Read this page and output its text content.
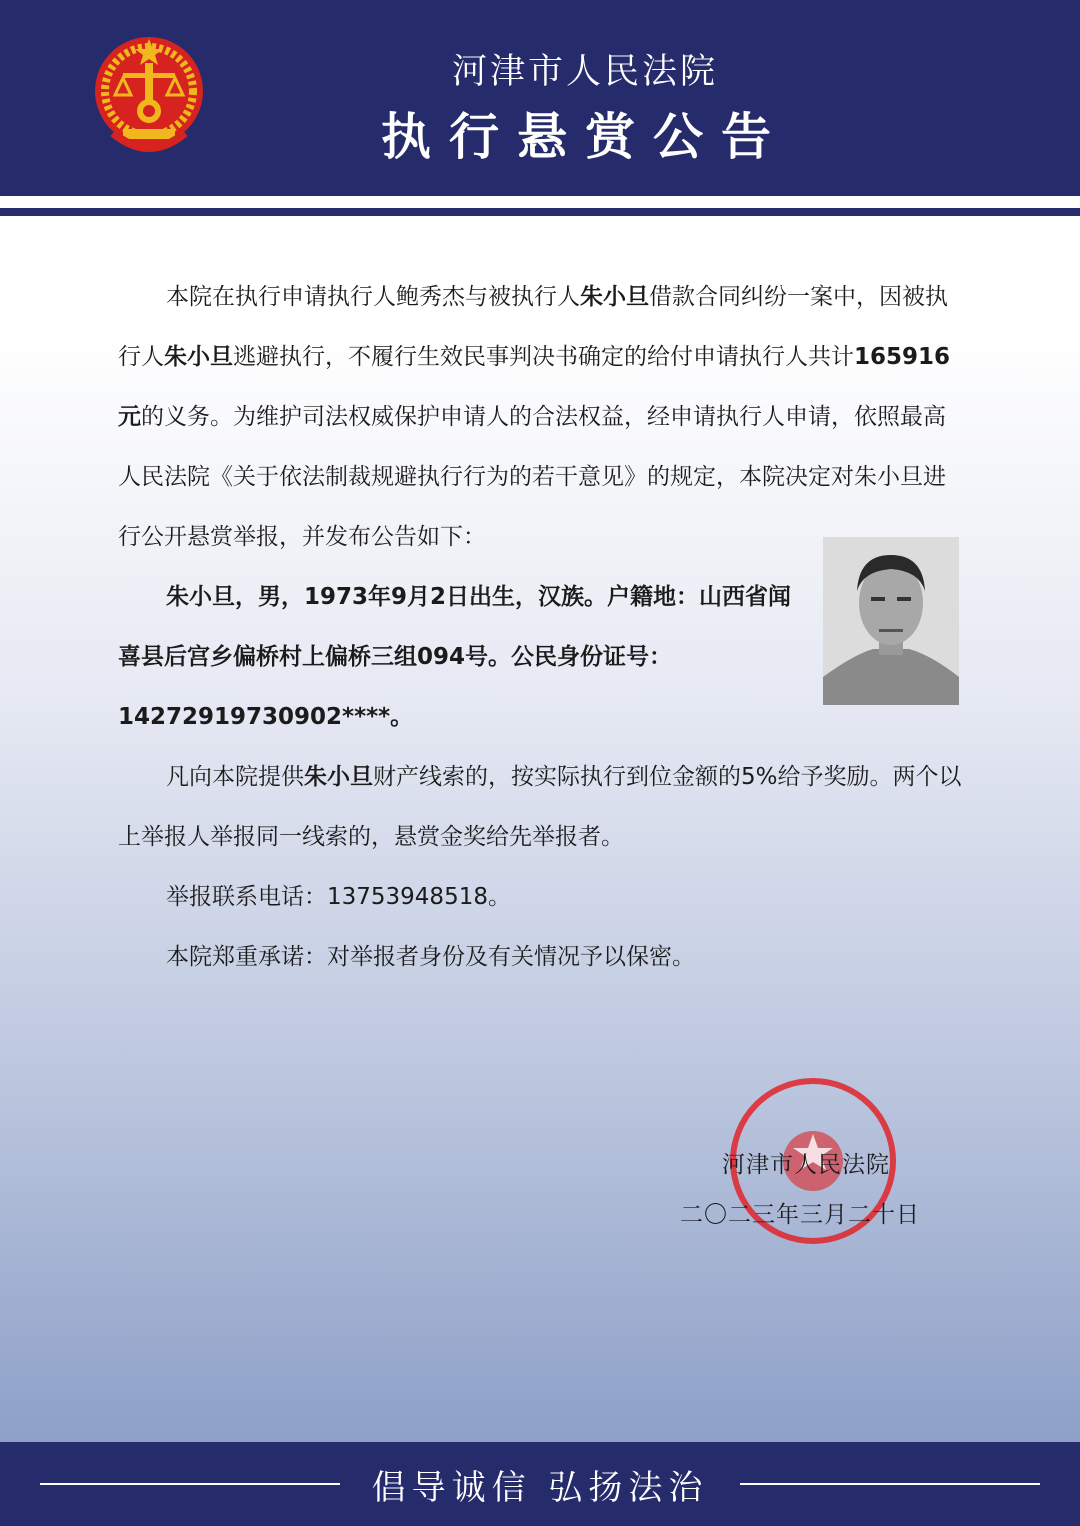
河津市人民法院
执行悬赏公告
本院在执行申请执行人鲍秀杰与被执行人朱小旦借款合同纠纷一案中，因被执行人朱小旦逃避执行，不履行生效民事判决书确定的给付申请执行人共计165916元的义务。为维护司法权威保护申请人的合法权益，经申请执行人申请，依照最高人民法院《关于依法制裁规避执行行为的若干意见》的规定，本院决定对朱小旦进行公开悬赏举报，并发布公告如下：
朱小旦，男，1973年9月2日出生，汉族。户籍地：山西省闻喜县后宫乡偏桥村上偏桥三组094号。公民身份证号：14272919730902****。
凡向本院提供朱小旦财产线索的，按实际执行到位金额的5%给予奖励。两个以上举报人举报同一线索的，悬赏金奖给先举报者。
举报联系电话：13753948518。
本院郑重承诺：对举报者身份及有关情况予以保密。
河津市人民法院
二〇二三年三月二十日
倡导诚信 弘扬法治
